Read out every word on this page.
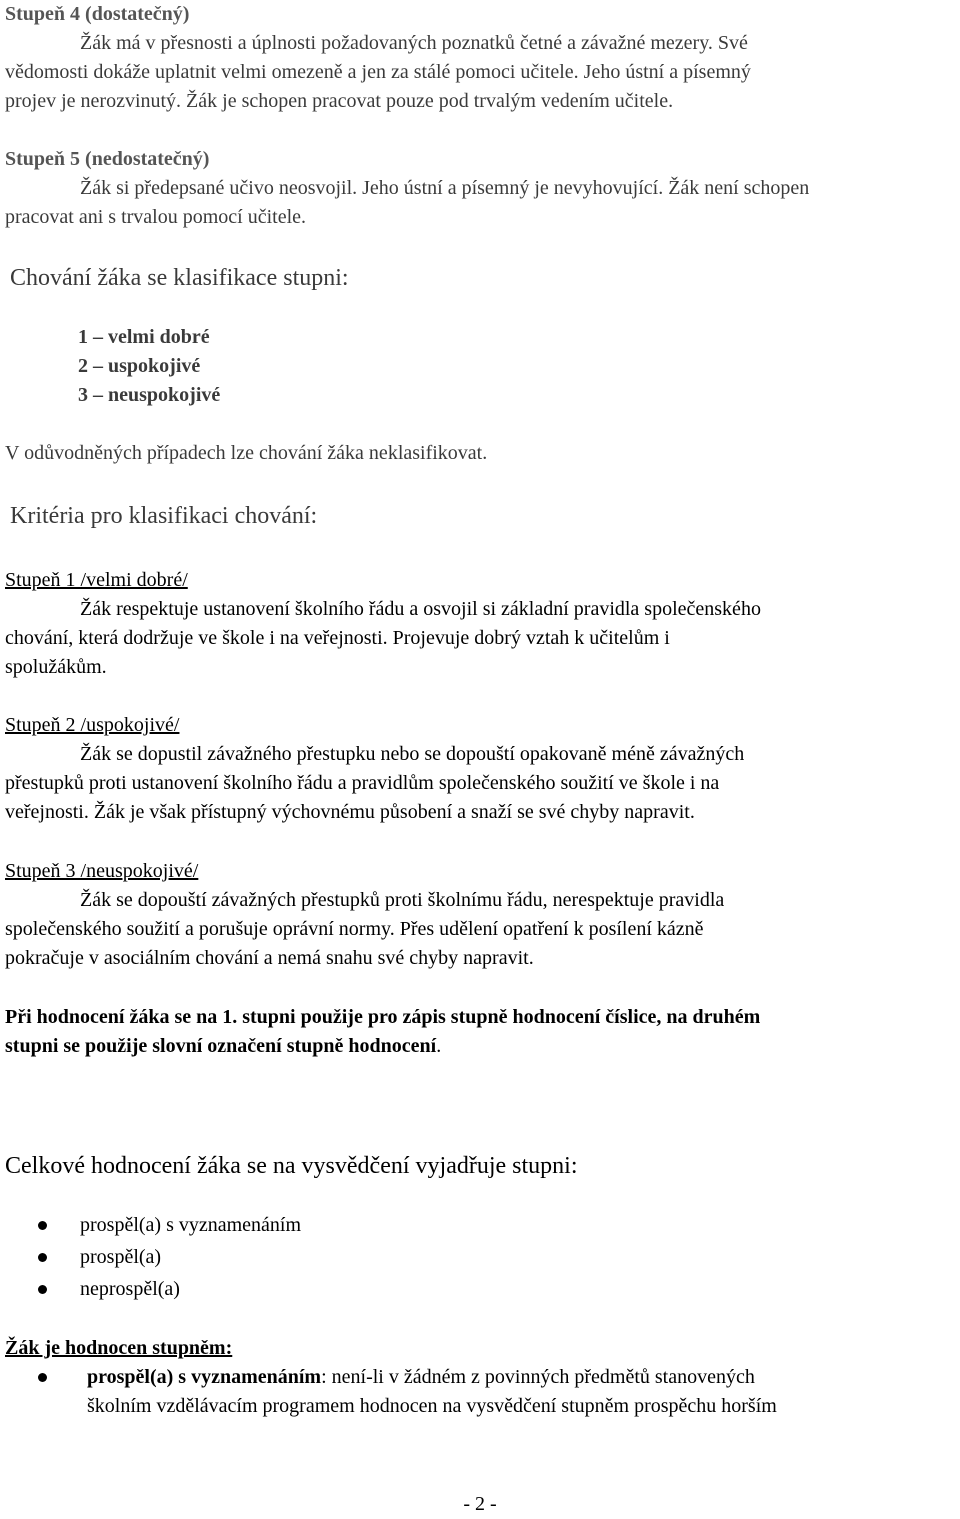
Stupeň 4 (dostatečný)
Žák má v přesnosti a úplnosti požadovaných poznatků četné a závažné mezery. Své
vědomosti dokáže uplatnit velmi omezeně a jen za stálé pomoci učitele. Jeho ústní a písemný
projev je nerozvinutý. Žák je schopen pracovat pouze pod trvalým vedením učitele.
Stupeň 5 (nedostatečný)
Žák si předepsané učivo neosvojil. Jeho ústní a písemný je nevyhovující. Žák není schopen
pracovat ani s trvalou pomocí učitele.
Chování žáka se klasifikace stupni:
1 – velmi dobré
2 – uspokojivé
3 – neuspokojivé
V odůvodněných případech lze chování žáka neklasifikovat.
Kritéria pro klasifikaci chování:
Stupeň 1 /velmi dobré/
Žák respektuje ustanovení školního řádu a osvojil si základní pravidla společenského
chování, která dodržuje ve škole i na veřejnosti. Projevuje dobrý vztah k učitelům i
spolužákům.
Stupeň 2 /uspokojivé/
Žák se dopustil závažného přestupku nebo se dopouští opakovaně méně závažných
přestupků proti ustanovení školního řádu a pravidlům společenského soužití ve škole i na
veřejnosti. Žák je však přístupný výchovnému působení a snaží se své chyby napravit.
Stupeň 3 /neuspokojivé/
Žák se dopouští závažných přestupků proti školnímu řádu, nerespektuje pravidla
společenského soužití a porušuje oprávní normy. Přes udělení opatření k posílení kázně
pokračuje v asociálním chování a nemá snahu své chyby napravit.
Při hodnocení žáka se na 1. stupni použije pro zápis stupně hodnocení číslice, na druhém
stupni se použije slovní označení stupně hodnocení.
Celkové hodnocení žáka se na vysvědčení vyjadřuje stupni:
prospěl(a) s vyznamenáním
prospěl(a)
neprospěl(a)
Žák je hodnocen stupněm:
prospěl(a) s vyznamenáním: není-li v žádném z povinných předmětů stanovených
školním vzdělávacím programem hodnocen na vysvědčení stupněm prospěchu horším
- 2 -
